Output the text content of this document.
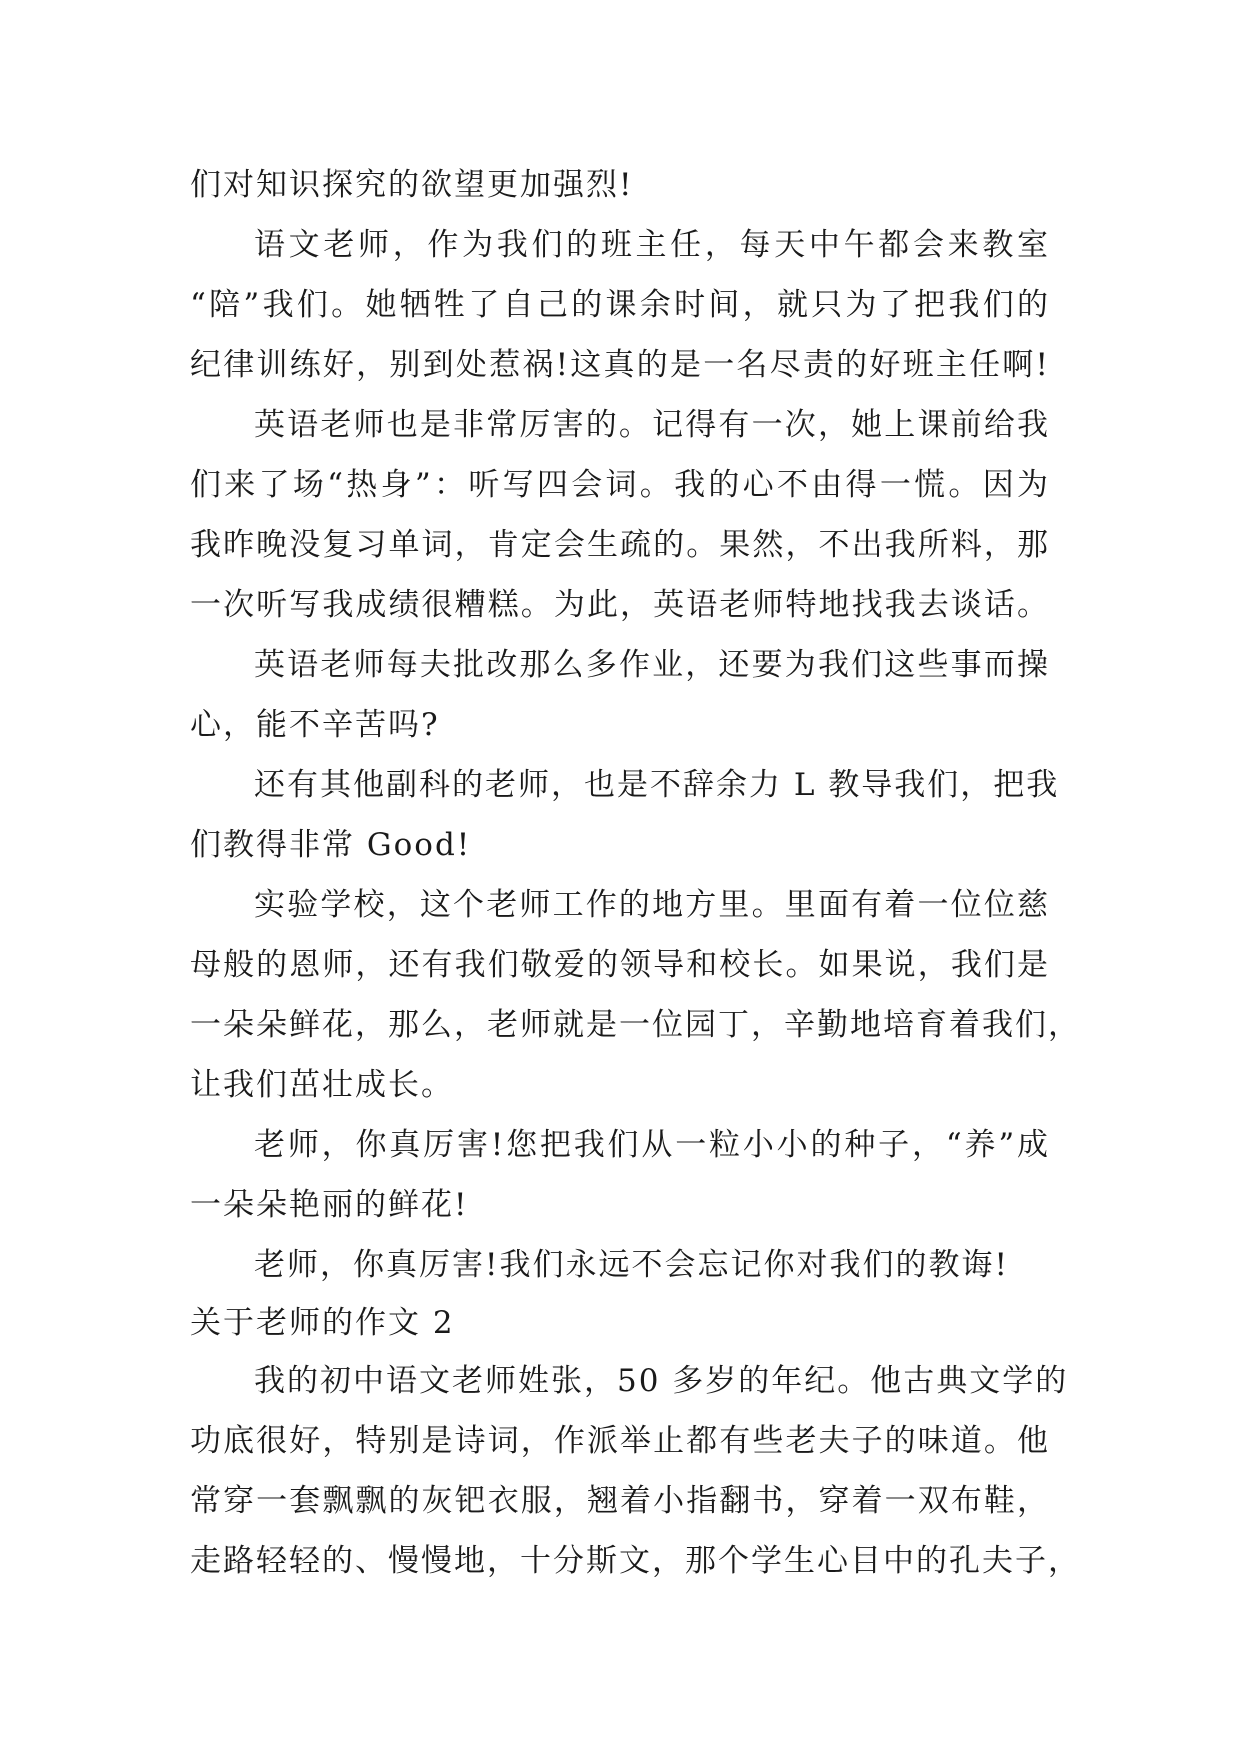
们对知识探究的欲望更加强烈!
语文老师，作为我们的班主任，每天中午都会来教室
“陪”我们。她牺牲了自己的课余时间，就只为了把我们的
纪律训练好，别到处惹祸!这真的是一名尽责的好班主任啊!
英语老师也是非常厉害的。记得有一次，她上课前给我
们来了场“热身”：听写四会词。我的心不由得一慌。因为
我昨晚没复习单词，肯定会生疏的。果然，不出我所料，那
一次听写我成绩很糟糕。为此，英语老师特地找我去谈话。
英语老师每夫批改那么多作业，还要为我们这些事而操
心，能不辛苦吗?
还有其他副科的老师，也是不辞余力 L 教导我们，把我
们教得非常 Good!
实验学校，这个老师工作的地方里。里面有着一位位慈
母般的恩师，还有我们敬爱的领导和校长。如果说，我们是
一朵朵鲜花，那么，老师就是一位园丁，辛勤地培育着我们，
让我们茁壮成长。
老师，你真厉害!您把我们从一粒小小的种子，“养”成
一朵朵艳丽的鲜花!
老师，你真厉害!我们永远不会忘记你对我们的教诲!
关于老师的作文 2
我的初中语文老师姓张，50 多岁的年纪。他古典文学的
功底很好，特别是诗词，作派举止都有些老夫子的味道。他
常穿一套飘飘的灰钯衣服，翘着小指翻书，穿着一双布鞋，
走路轻轻的、慢慢地，十分斯文，那个学生心目中的孔夫子，
